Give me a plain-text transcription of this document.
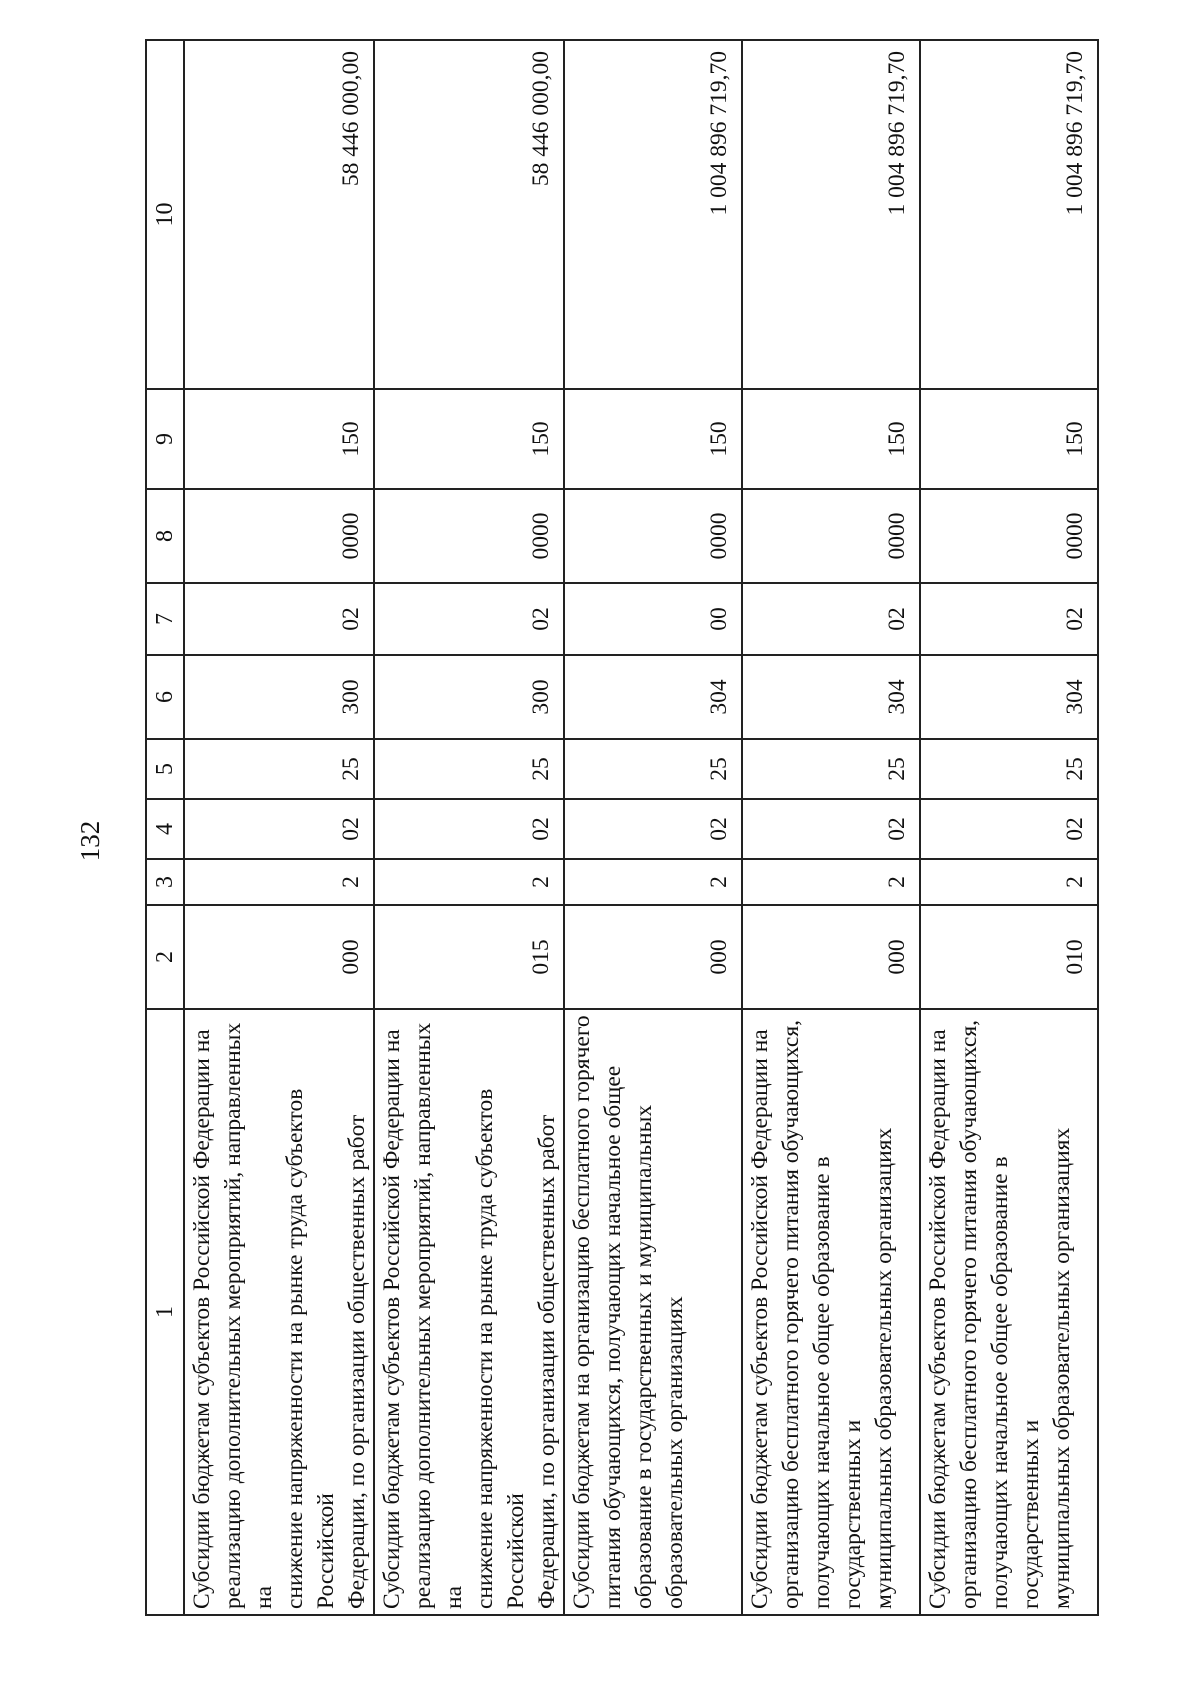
132
1	2	3	4	5	6	7	8	9	10
Субсидии бюджетам субъектов Российской Федерации на
реализацию дополнительных мероприятий, направленных на
снижение напряженности на рынке труда субъектов Российской
Федерации, по организации общественных работ	000	2	02	25	300	02	0000	150	58 446 000,00
Субсидии бюджетам субъектов Российской Федерации на
реализацию дополнительных мероприятий, направленных на
снижение напряженности на рынке труда субъектов Российской
Федерации, по организации общественных работ	015	2	02	25	300	02	0000	150	58 446 000,00
Субсидии бюджетам на организацию бесплатного горячего
питания обучающихся, получающих начальное общее
образование в государственных и муниципальных
образовательных организациях	000	2	02	25	304	00	0000	150	1 004 896 719,70
Субсидии бюджетам субъектов Российской Федерации на
организацию бесплатного горячего питания обучающихся,
получающих начальное общее образование в государственных и
муниципальных образовательных организациях	000	2	02	25	304	02	0000	150	1 004 896 719,70
Субсидии бюджетам субъектов Российской Федерации на
организацию бесплатного горячего питания обучающихся,
получающих начальное общее образование в государственных и
муниципальных образовательных организациях	010	2	02	25	304	02	0000	150	1 004 896 719,70
